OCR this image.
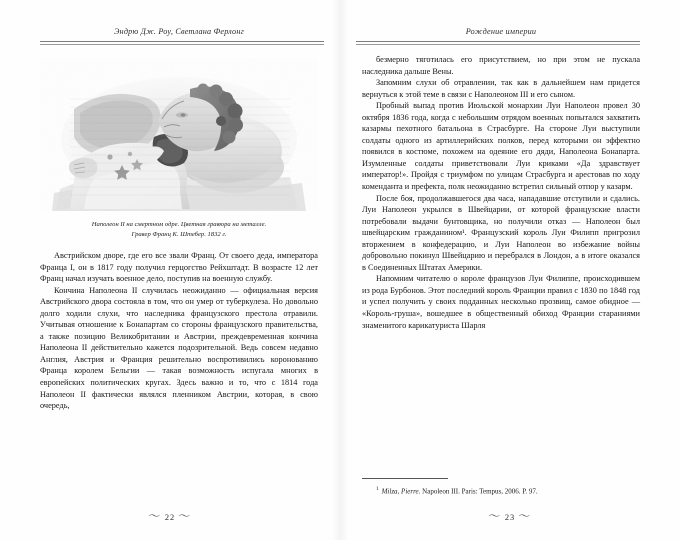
Эндрю Дж. Роу, Светлана Ферлонг
Наполеон II на смертном одре. Цветная гравюра на металле.
Гравер Франц К. Штебер. 1832 г.

Австрийском дворе, где его все звали Франц. От своего деда, императора Франца I, он в 1817 году получил герцогство Рейхштадт. В возрасте 12 лет Франц начал изучать военное дело, поступив на военную службу.

Кончина Наполеона II случилась неожиданно — официальная версия Австрийского двора состояла в том, что он умер от туберкулеза. Но довольно долго ходили слухи, что наследника французского престола отравили. Учитывая отношение к Бонапартам со стороны французского правительства, а также позицию Великобритании и Австрии, преждевременная кончина Наполеона II действительно кажется подозрительной. Ведь совсем недавно Англия, Австрия и Франция решительно воспротивились коронованию Франца королем Бельгии — такая возможность испугала многих в европейских политических кругах. Здесь важно и то, что с 1814 года Наполеон II фактически являлся пленником Австрии, которая, в свою очередь,

〜 22 〜
Рождение империи

безмерно тяготилась его присутствием, но при этом не пускала наследника дальше Вены.

Запомним слухи об отравлении, так как в дальнейшем нам придется вернуться к этой теме в связи с Наполеоном III и его сыном.

Пробный выпад против Июльской монархии Луи Наполеон провел 30 октября 1836 года, когда с небольшим отрядом военных попытался захватить казармы пехотного батальона в Страсбурге. На стороне Луи выступили солдаты одного из артиллерийских полков, перед которыми он эффектно появился в костюме, похожем на одеяние его дяди, Наполеона Бонапарта. Изумленные солдаты приветствовали Луи криками «Да здравствует император!». Пройдя с триумфом по улицам Страсбурга и арестовав по ходу коменданта и префекта, полк неожиданно встретил сильный отпор у казарм.

После боя, продолжавшегося два часа, нападавшие отступили и сдались. Луи Наполеон укрылся в Швейцарии, от которой французские власти потребовали выдачи бунтовщика, но получили отказ — Наполеон был швейцарским гражданином¹. Французский король Луи Филипп пригрозил вторжением в конфедерацию, и Луи Наполеон во избежание войны добровольно покинул Швейцарию и перебрался в Лондон, а в итоге оказался в Соединенных Штатах Америки.

Напомним читателю о короле французов Луи Филиппе, происходившем из рода Бурбонов. Этот последний король Франции правил с 1830 по 1848 год и успел получить у своих подданных несколько прозвищ, самое обидное — «Король-груша», вошедшее в общественный обиход Франции стараниями знаменитого карикатуриста Шарля

$^1$ Milza, Pierre. Napoleon III. Paris: Tempus, 2006. P. 97.
〜 23 〜
